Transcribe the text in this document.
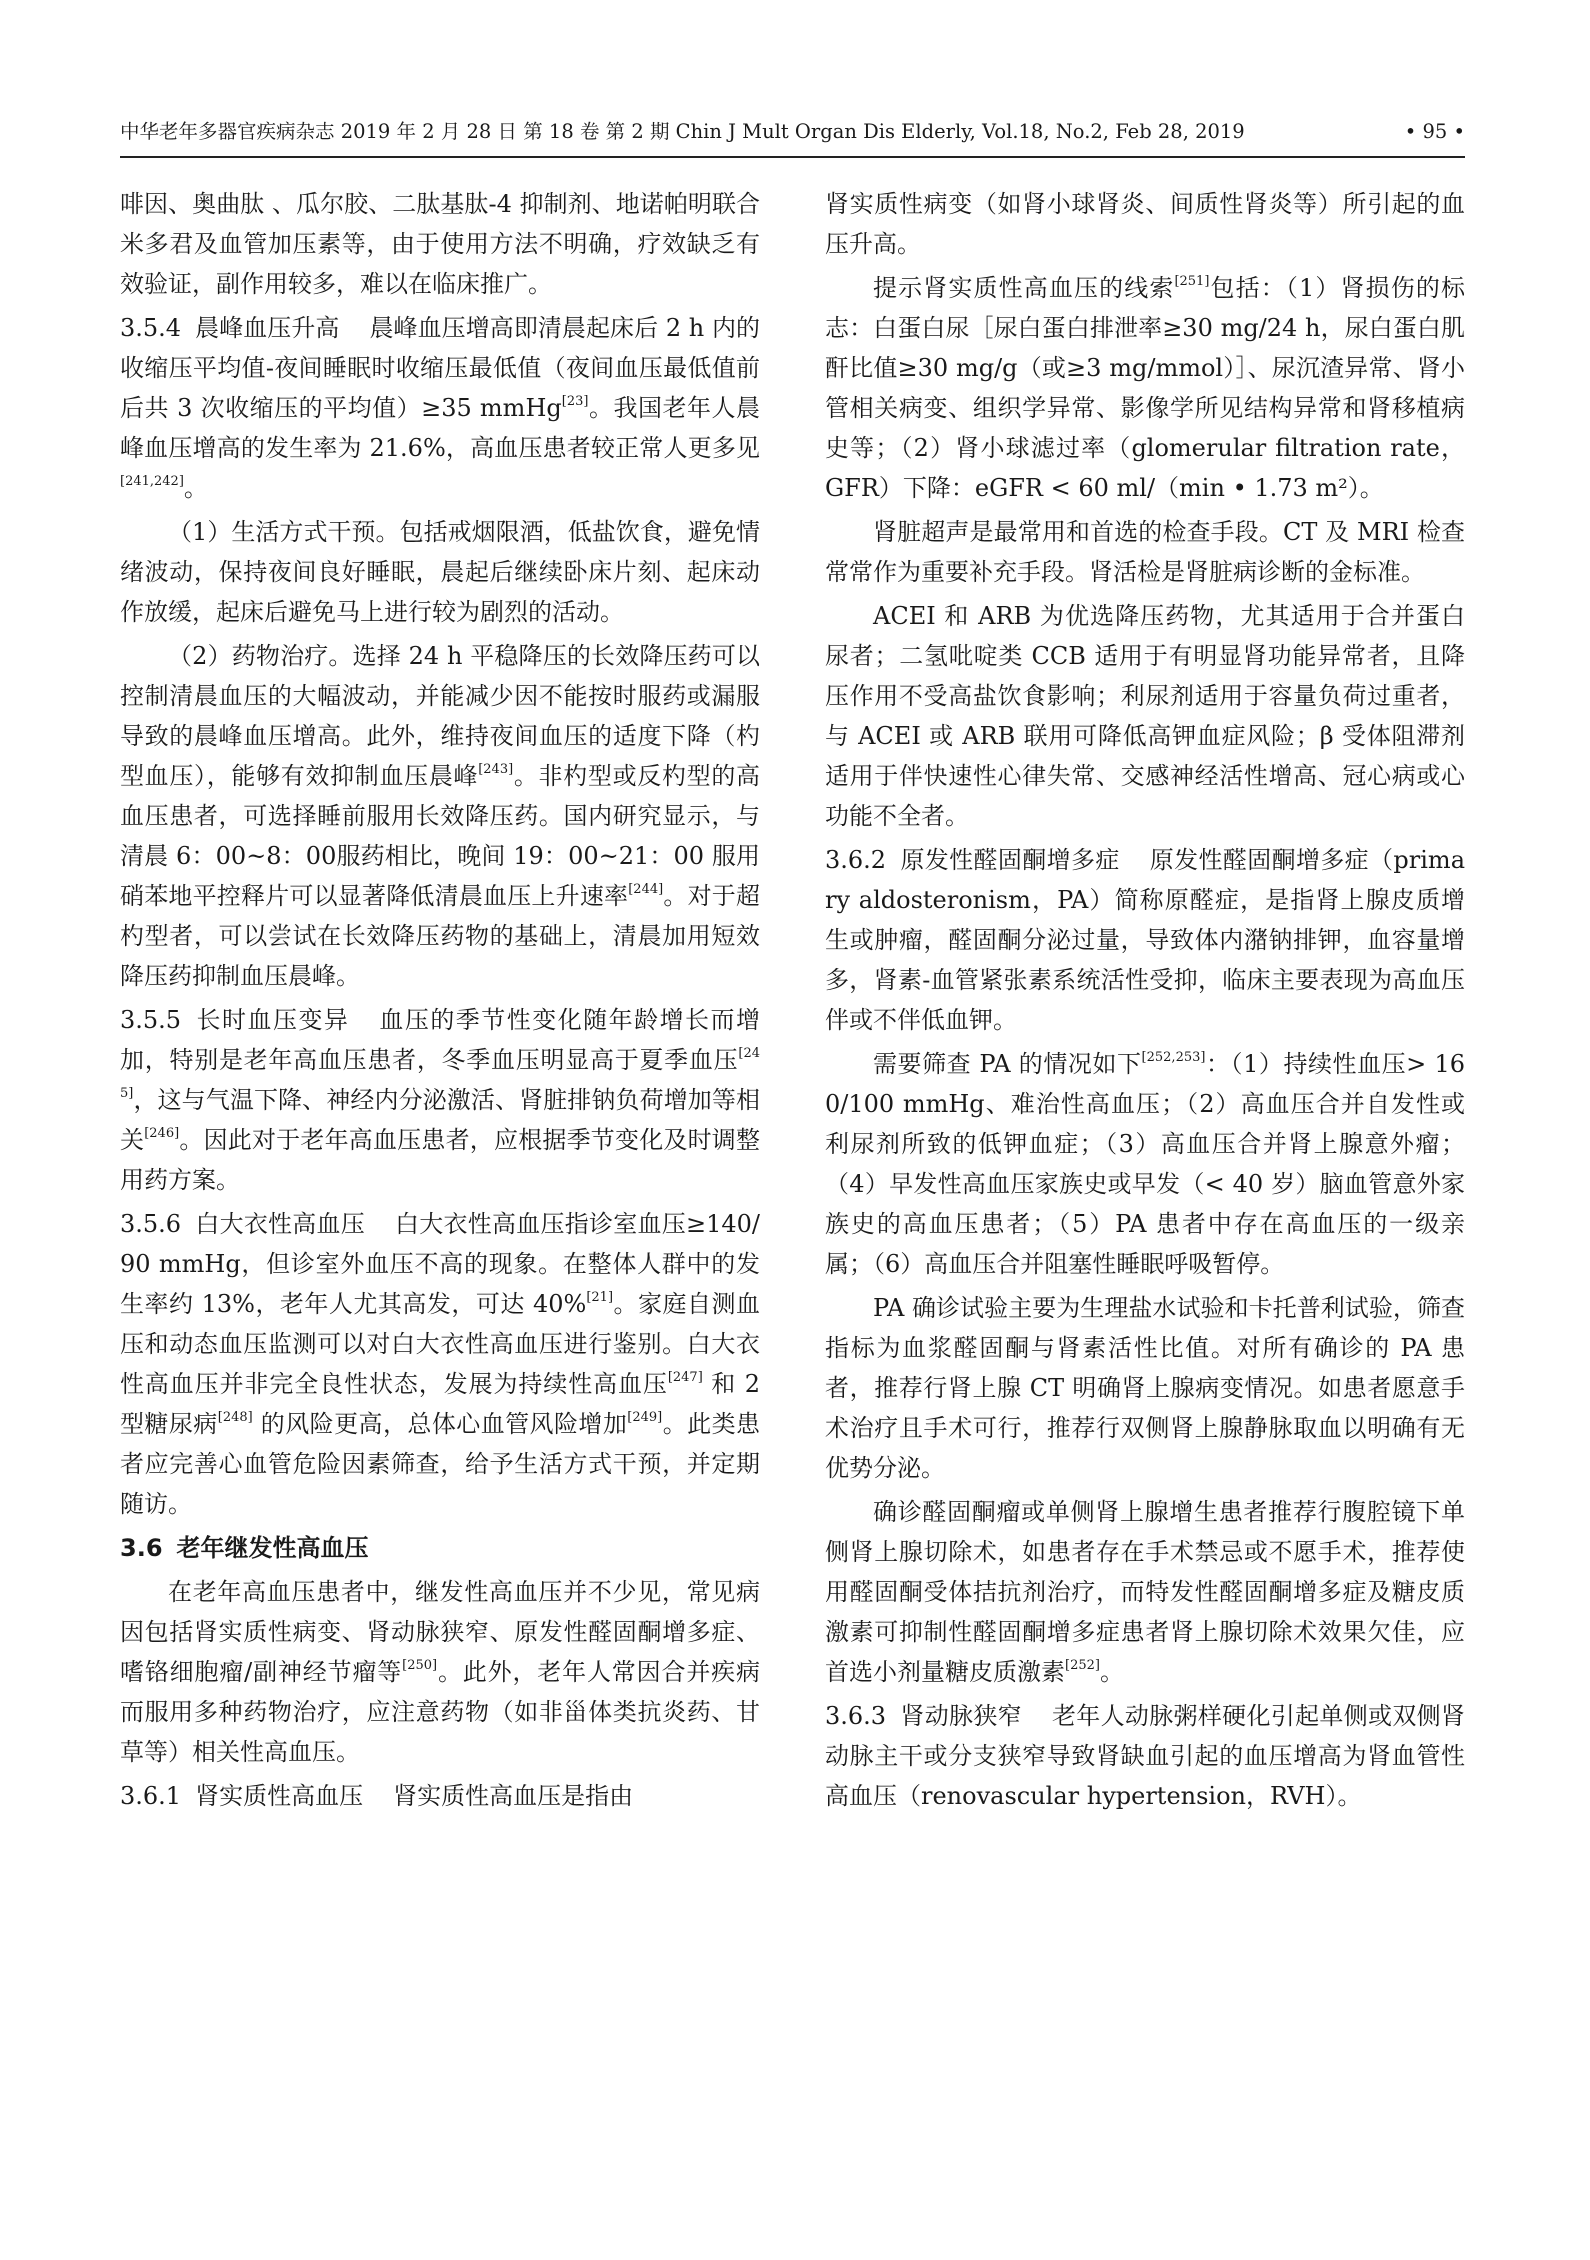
中华老年多器官疾病杂志 2019 年 2 月 28 日 第 18 卷 第 2 期 Chin J Mult Organ Dis Elderly, Vol.18, No.2, Feb 28, 2019	• 95 •

啡因、奥曲肽 、瓜尔胶、二肽基肽-4 抑制剂、地诺帕明联合米多君及血管加压素等，由于使用方法不明确，疗效缺乏有效验证，副作用较多，难以在临床推广。

3.5.4 晨峰血压升高 晨峰血压增高即清晨起床后 2 h 内的收缩压平均值-夜间睡眠时收缩压最低值（夜间血压最低值前后共 3 次收缩压的平均值）≥35 mmHg[23]。我国老年人晨峰血压增高的发生率为 21.6%，高血压患者较正常人更多见[241,242]。

（1）生活方式干预。包括戒烟限酒，低盐饮食，避免情绪波动，保持夜间良好睡眠，晨起后继续卧床片刻、起床动作放缓，起床后避免马上进行较为剧烈的活动。

（2）药物治疗。选择 24 h 平稳降压的长效降压药可以控制清晨血压的大幅波动，并能减少因不能按时服药或漏服导致的晨峰血压增高。此外，维持夜间血压的适度下降（杓型血压），能够有效抑制血压晨峰[243]。非杓型或反杓型的高血压患者，可选择睡前服用长效降压药。国内研究显示，与清晨 6：00~8：00服药相比，晚间 19：00~21：00 服用硝苯地平控释片可以显著降低清晨血压上升速率[244]。对于超杓型者，可以尝试在长效降压药物的基础上，清晨加用短效降压药抑制血压晨峰。

3.5.5 长时血压变异 血压的季节性变化随年龄增长而增加，特别是老年高血压患者，冬季血压明显高于夏季血压[245]，这与气温下降、神经内分泌激活、肾脏排钠负荷增加等相关[246]。因此对于老年高血压患者，应根据季节变化及时调整用药方案。

3.5.6 白大衣性高血压 白大衣性高血压指诊室血压≥140/90 mmHg，但诊室外血压不高的现象。在整体人群中的发生率约 13%，老年人尤其高发，可达 40%[21]。家庭自测血压和动态血压监测可以对白大衣性高血压进行鉴别。白大衣性高血压并非完全良性状态，发展为持续性高血压[247] 和 2 型糖尿病[248] 的风险更高，总体心血管风险增加[249]。此类患者应完善心血管危险因素筛查，给予生活方式干预，并定期随访。

3.6 老年继发性高血压

在老年高血压患者中，继发性高血压并不少见，常见病因包括肾实质性病变、肾动脉狭窄、原发性醛固酮增多症、嗜铬细胞瘤/副神经节瘤等[250]。此外，老年人常因合并疾病而服用多种药物治疗，应注意药物（如非甾体类抗炎药、甘草等）相关性高血压。

3.6.1 肾实质性高血压 肾实质性高血压是指由

肾实质性病变（如肾小球肾炎、间质性肾炎等）所引起的血压升高。

提示肾实质性高血压的线索[251]包括：（1）肾损伤的标志：白蛋白尿［尿白蛋白排泄率≥30 mg/24 h，尿白蛋白肌酐比值≥30 mg/g（或≥3 mg/mmol）］、尿沉渣异常、肾小管相关病变、组织学异常、影像学所见结构异常和肾移植病史等；（2）肾小球滤过率（glomerular filtration rate，GFR）下降：eGFR < 60 ml/（min • 1.73 m²）。

肾脏超声是最常用和首选的检查手段。CT 及 MRI 检查常常作为重要补充手段。肾活检是肾脏病诊断的金标准。

ACEI 和 ARB 为优选降压药物，尤其适用于合并蛋白尿者；二氢吡啶类 CCB 适用于有明显肾功能异常者，且降压作用不受高盐饮食影响；利尿剂适用于容量负荷过重者，与 ACEI 或 ARB 联用可降低高钾血症风险；β 受体阻滞剂适用于伴快速性心律失常、交感神经活性增高、冠心病或心功能不全者。

3.6.2 原发性醛固酮增多症 原发性醛固酮增多症（primary aldosteronism，PA）简称原醛症，是指肾上腺皮质增生或肿瘤，醛固酮分泌过量，导致体内潴钠排钾，血容量增多，肾素-血管紧张素系统活性受抑，临床主要表现为高血压伴或不伴低血钾。

需要筛查 PA 的情况如下[252,253]：（1）持续性血压> 160/100 mmHg、难治性高血压；（2）高血压合并自发性或利尿剂所致的低钾血症；（3）高血压合并肾上腺意外瘤；（4）早发性高血压家族史或早发（< 40 岁）脑血管意外家族史的高血压患者；（5）PA 患者中存在高血压的一级亲属；（6）高血压合并阻塞性睡眠呼吸暂停。

PA 确诊试验主要为生理盐水试验和卡托普利试验，筛查指标为血浆醛固酮与肾素活性比值。对所有确诊的 PA 患者，推荐行肾上腺 CT 明确肾上腺病变情况。如患者愿意手术治疗且手术可行，推荐行双侧肾上腺静脉取血以明确有无优势分泌。

确诊醛固酮瘤或单侧肾上腺增生患者推荐行腹腔镜下单侧肾上腺切除术，如患者存在手术禁忌或不愿手术，推荐使用醛固酮受体拮抗剂治疗，而特发性醛固酮增多症及糖皮质激素可抑制性醛固酮增多症患者肾上腺切除术效果欠佳，应首选小剂量糖皮质激素[252]。

3.6.3 肾动脉狭窄 老年人动脉粥样硬化引起单侧或双侧肾动脉主干或分支狭窄导致肾缺血引起的血压增高为肾血管性高血压（renovascular hypertension，RVH）。
